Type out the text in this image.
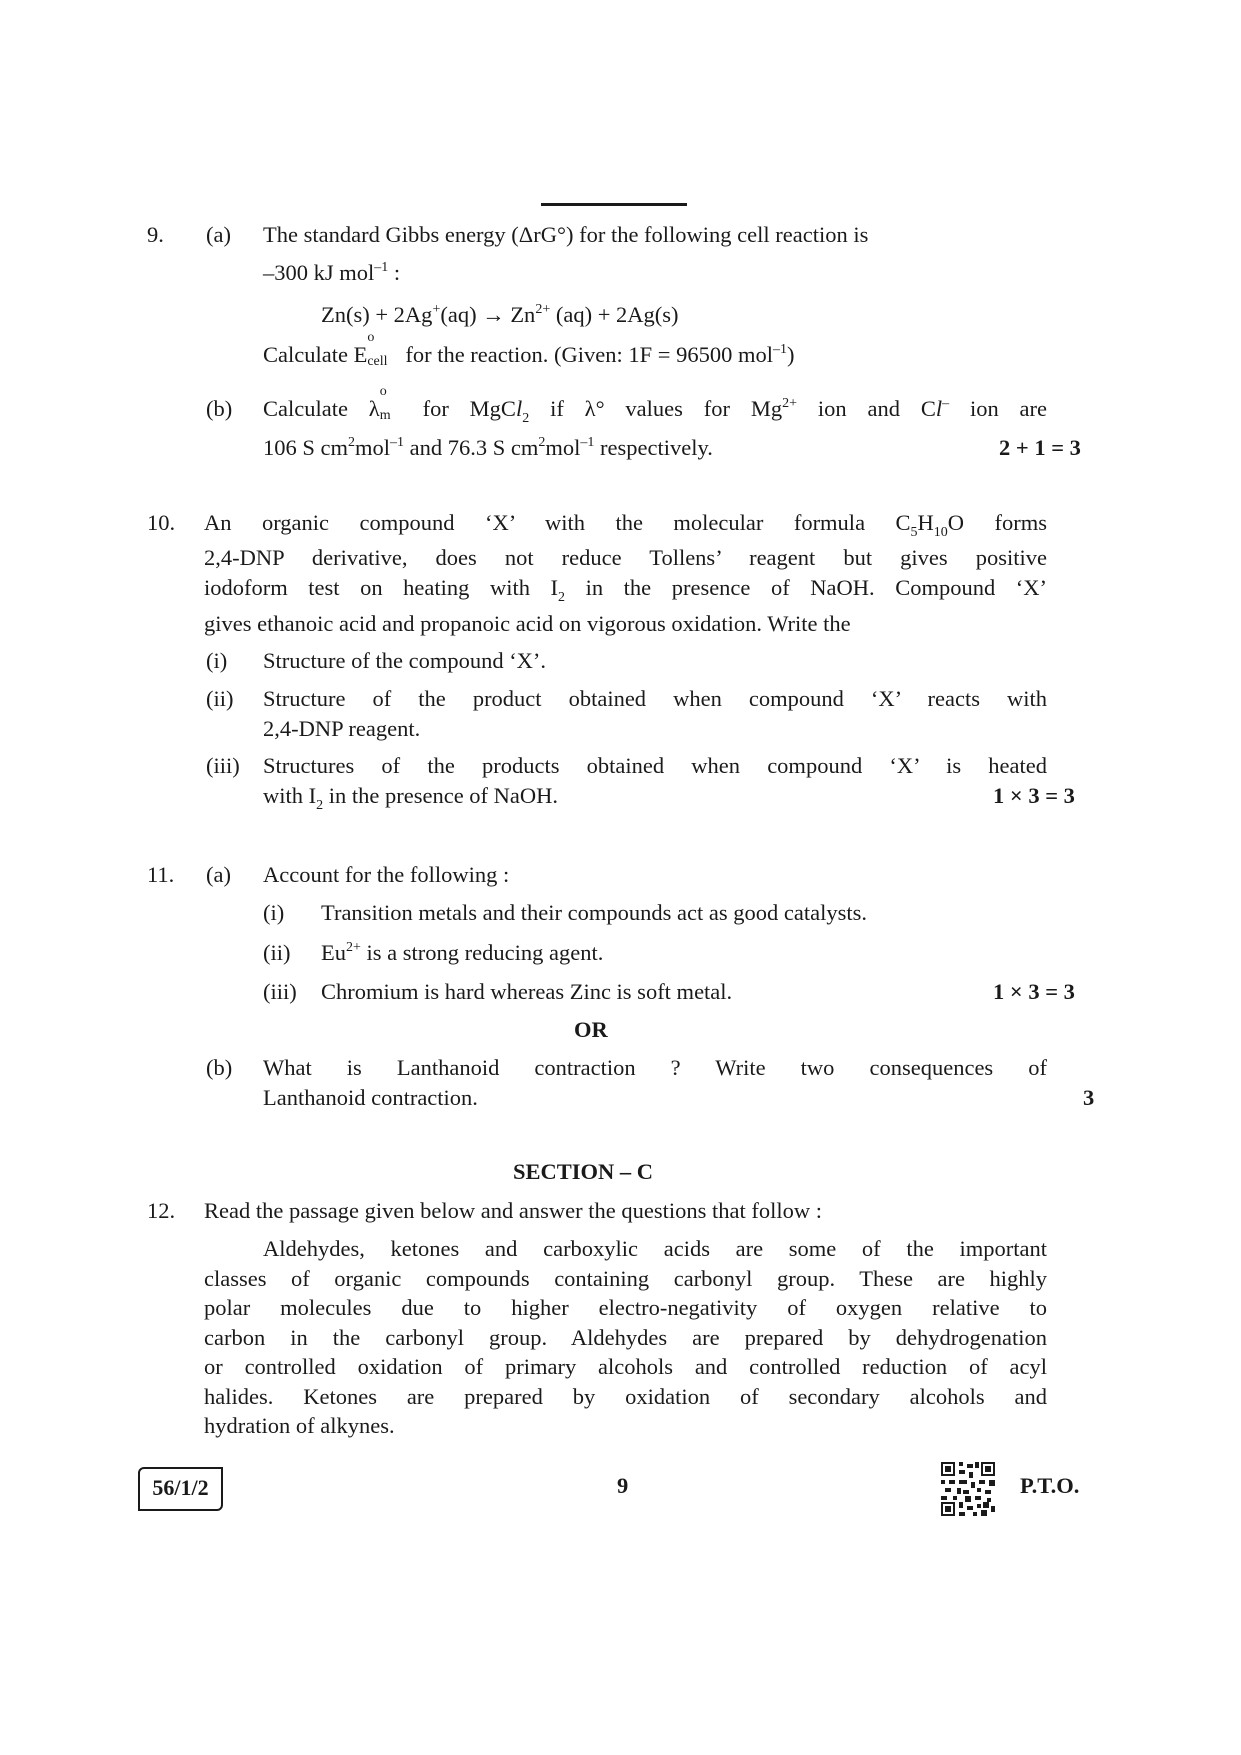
9. (a) The standard Gibbs energy (ΔrG°) for the following cell reaction is
–300 kJ mol$^{-1}$ :
$Zn(s) + 2Ag^+(aq) \to Zn^{2+}$ (aq) + 2Ag(s)
Calculate E
o
cell for the reaction. (Given: 1F = 96500 mol$^{-1}$)
(b) Calculate λ
o
m for MgCl$_2$ if λ° values for $Mg^{2+}$ ion and Cl– ion are
106 S $cm^2mol^{-1}$ and 76.3 S $cm^2mol^{-1}$ respectively.	2 + 1 = 3
10. An organic compound ‘X’ with the molecular formula $C_5H_{10}O$ forms
2,4-DNP derivative, does not reduce Tollens’ reagent but gives positive
iodoform test on heating with $I_2$ in the presence of NaOH. Compound ‘X’
gives ethanoic acid and propanoic acid on vigorous oxidation. Write the
(i) Structure of the compound ‘X’.
(ii) Structure of the product obtained when compound ‘X’ reacts with
2,4-DNP reagent.
(iii) Structures of the products obtained when compound ‘X’ is heated
with $I_2$ in the presence of NaOH.	1 × 3 = 3
11. (a) Account for the following :
(i) Transition metals and their compounds act as good catalysts.
(ii) $Eu^{2+}$ is a strong reducing agent.
(iii) Chromium is hard whereas Zinc is soft metal.	1 × 3 = 3
OR
(b) What is Lanthanoid contraction ? Write two consequences of
Lanthanoid contraction.	3
SECTION – C
12. Read the passage given below and answer the questions that follow :
Aldehydes, ketones and carboxylic acids are some of the important
classes of organic compounds containing carbonyl group. These are highly
polar molecules due to higher electro-negativity of oxygen relative to
carbon in the carbonyl group. Aldehydes are prepared by dehydrogenation
or controlled oxidation of primary alcohols and controlled reduction of acyl
halides. Ketones are prepared by oxidation of secondary alcohols and
hydration of alkynes.
56/1/2	9	P.T.O.
